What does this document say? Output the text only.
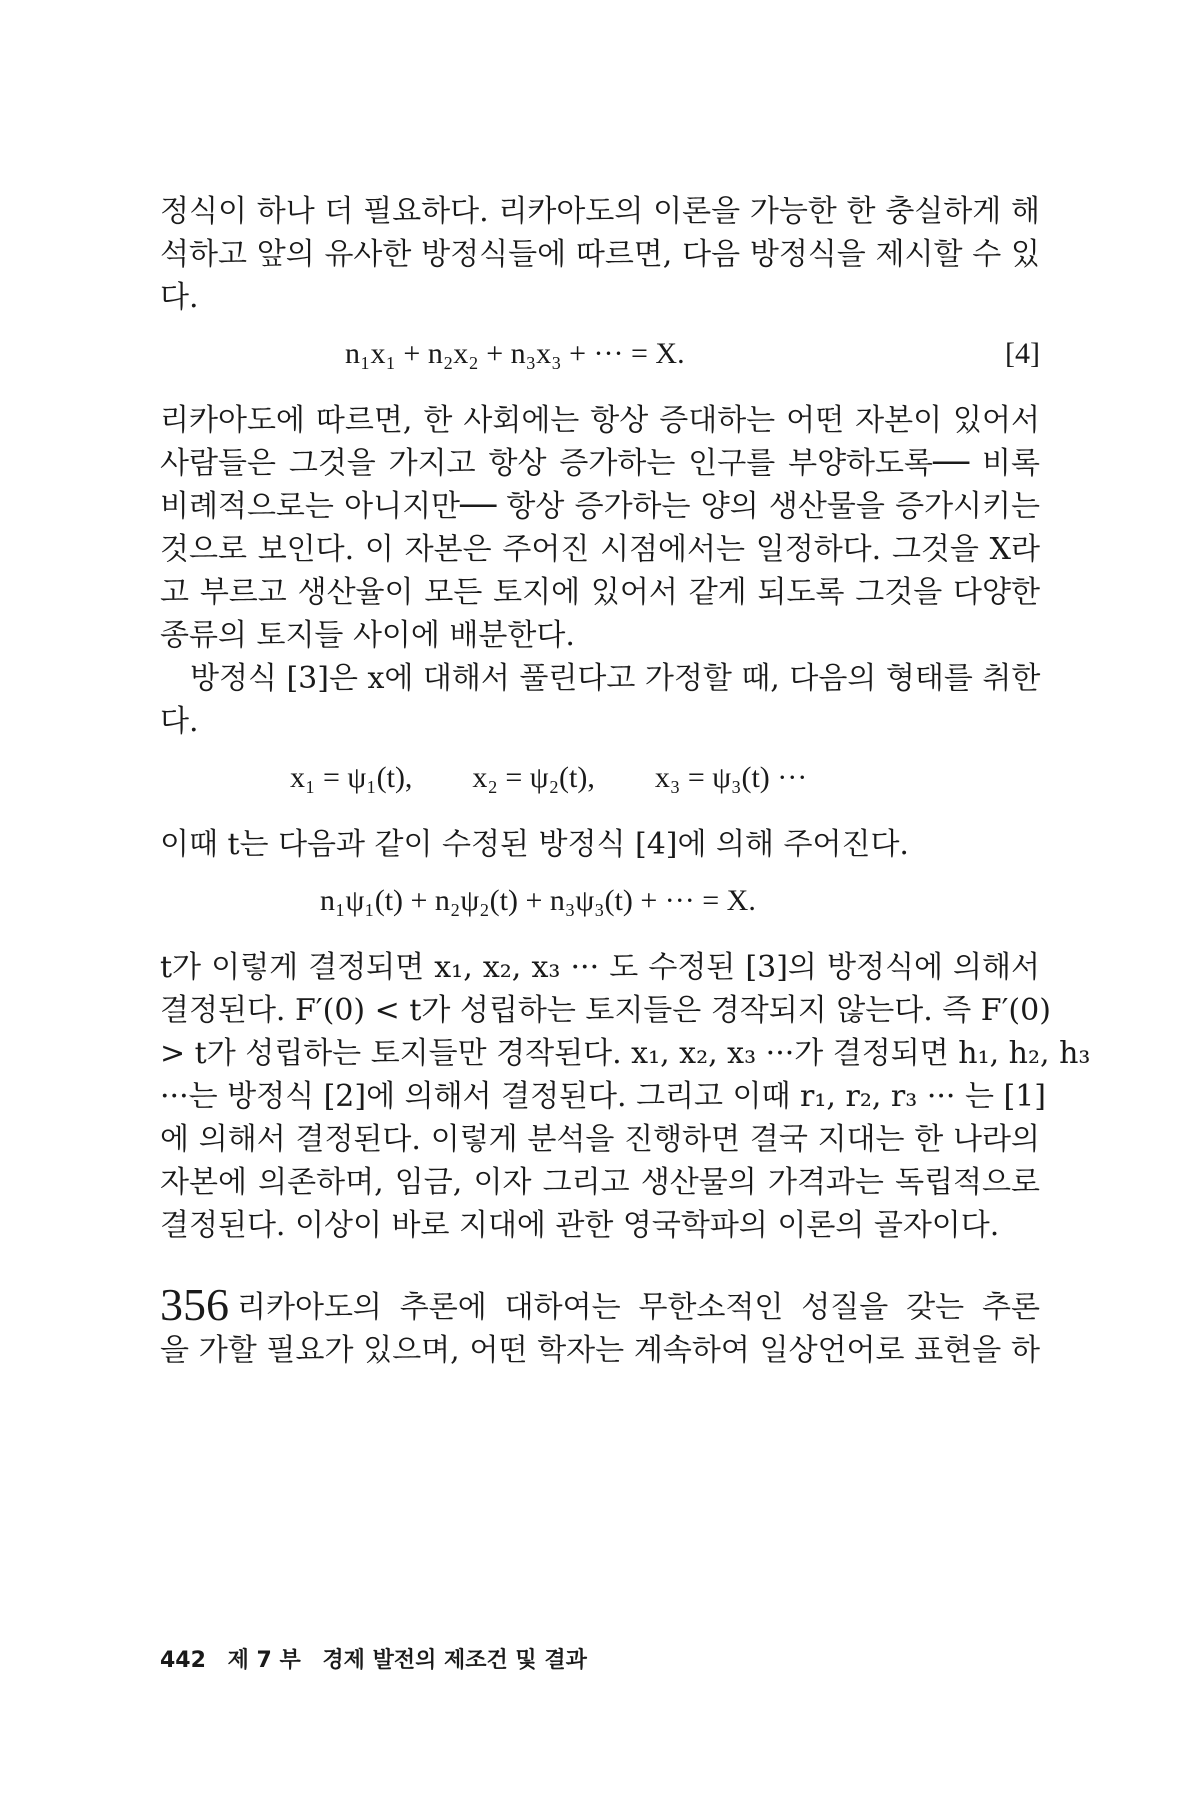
정식이 하나 더 필요하다. 리카아도의 이론을 가능한 한 충실하게 해
석하고 앞의 유사한 방정식들에 따르면, 다음 방정식을 제시할 수 있
다.

n₁x₁ + n₂x₂ + n₃x₃ + ··· = X.	[4]

리카아도에 따르면, 한 사회에는 항상 증대하는 어떤 자본이 있어서
사람들은 그것을 가지고 항상 증가하는 인구를 부양하도록── 비록
비례적으로는 아니지만── 항상 증가하는 양의 생산물을 증가시키는
것으로 보인다. 이 자본은 주어진 시점에서는 일정하다. 그것을 X라
고 부르고 생산율이 모든 토지에 있어서 같게 되도록 그것을 다양한
종류의 토지들 사이에 배분한다.

방정식 [3]은 x에 대해서 풀린다고 가정할 때, 다음의 형태를 취한
다.

x₁ = ψ₁(t),        x₂ = ψ₂(t),        x₃ = ψ₃(t) ···

이때 t는 다음과 같이 수정된 방정식 [4]에 의해 주어진다.

n₁ψ₁(t) + n₂ψ₂(t) + n₃ψ₃(t) + ··· = X.

t가 이렇게 결정되면 x₁, x₂, x₃ ··· 도 수정된 [3]의 방정식에 의해서
결정된다. F′(0) < t가 성립하는 토지들은 경작되지 않는다. 즉 F′(0)
> t가 성립하는 토지들만 경작된다. x₁, x₂, x₃ ···가 결정되면 h₁, h₂, h₃
···는 방정식 [2]에 의해서 결정된다. 그리고 이때 r₁, r₂, r₃ ··· 는 [1]
에 의해서 결정된다. 이렇게 분석을 진행하면 결국 지대는 한 나라의
자본에 의존하며, 임금, 이자 그리고 생산물의 가격과는 독립적으로
결정된다. 이상이 바로 지대에 관한 영국학파의 이론의 골자이다.

356 리카아도의 추론에 대하여는 무한소적인 성질을 갖는 추론
을 가할 필요가 있으며, 어떤 학자는 계속하여 일상언어로 표현을 하

442 제 7 부 경제 발전의 제조건 및 결과
